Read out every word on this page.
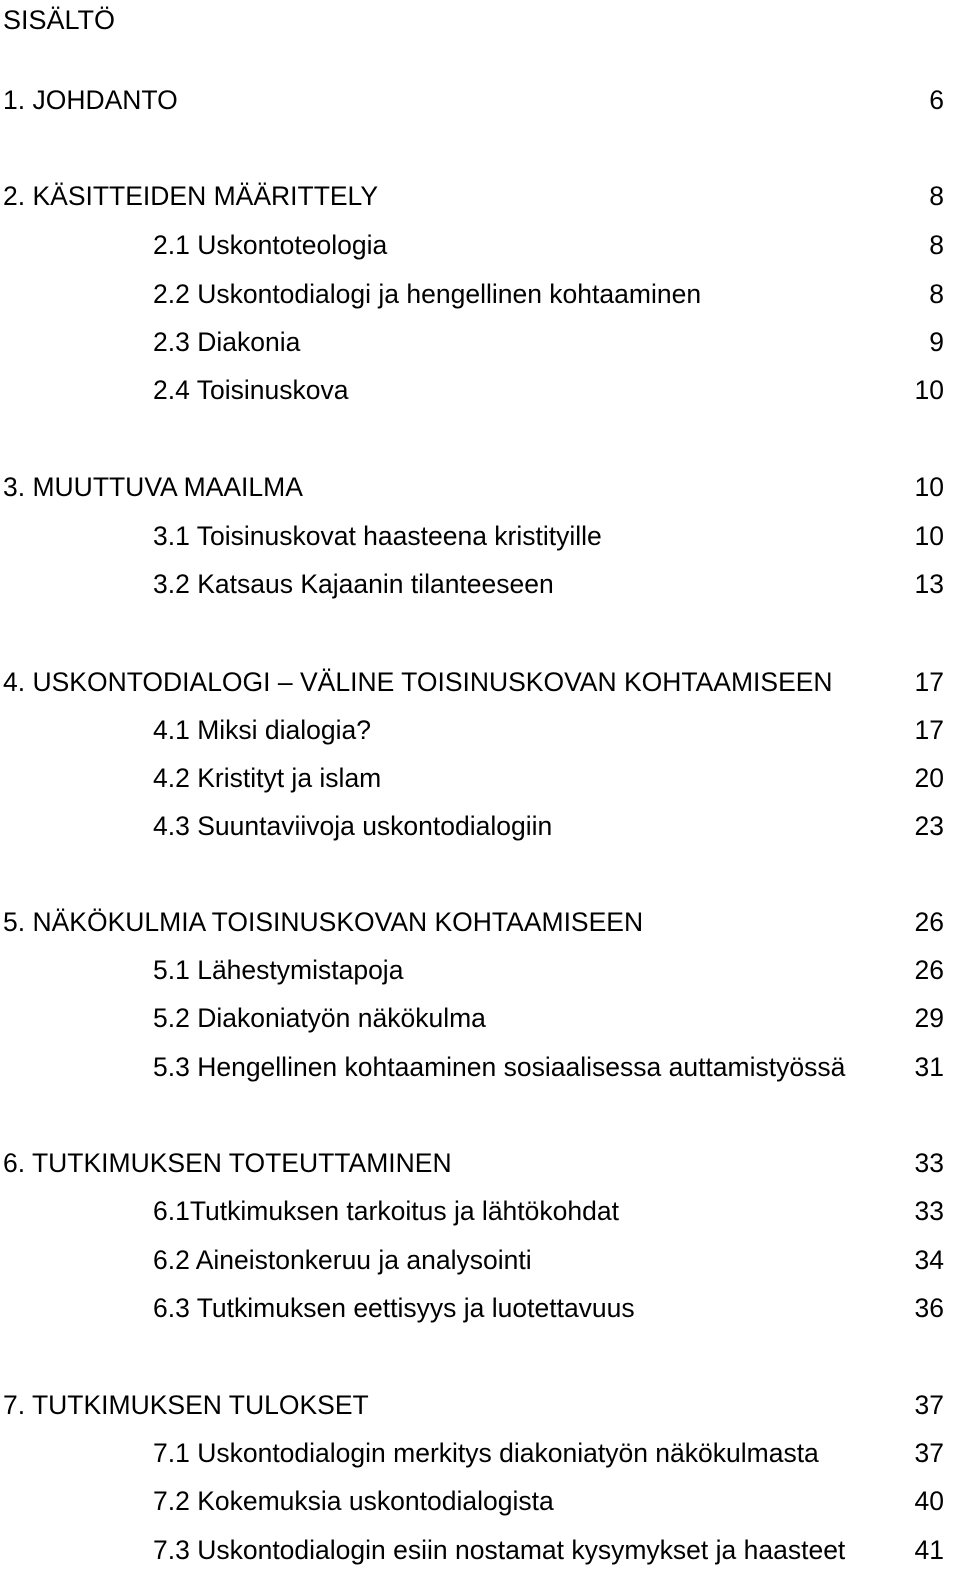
SISÄLTÖ
1. JOHDANTO	6
2. KÄSITTEIDEN MÄÄRITTELY	8
2.1 Uskontoteologia	8
2.2 Uskontodialogi ja hengellinen kohtaaminen	8
2.3 Diakonia	9
2.4 Toisinuskova	10
3. MUUTTUVA MAAILMA	10
3.1 Toisinuskovat haasteena kristityille	10
3.2 Katsaus Kajaanin tilanteeseen	13
4. USKONTODIALOGI – VÄLINE TOISINUSKOVAN KOHTAAMISEEN	17
4.1 Miksi dialogia?	17
4.2 Kristityt ja islam	20
4.3 Suuntaviivoja uskontodialogiin	23
5. NÄKÖKULMIA TOISINUSKOVAN KOHTAAMISEEN	26
5.1 Lähestymistapoja	26
5.2 Diakoniatyön näkökulma	29
5.3 Hengellinen kohtaaminen sosiaalisessa auttamistyössä	31
6. TUTKIMUKSEN TOTEUTTAMINEN	33
6.1Tutkimuksen tarkoitus ja lähtökohdat	33
6.2 Aineistonkeruu ja analysointi	34
6.3 Tutkimuksen eettisyys ja luotettavuus	36
7. TUTKIMUKSEN TULOKSET	37
7.1 Uskontodialogin merkitys diakoniatyön näkökulmasta	37
7.2 Kokemuksia uskontodialogista	40
7.3 Uskontodialogin esiin nostamat kysymykset ja haasteet	41
